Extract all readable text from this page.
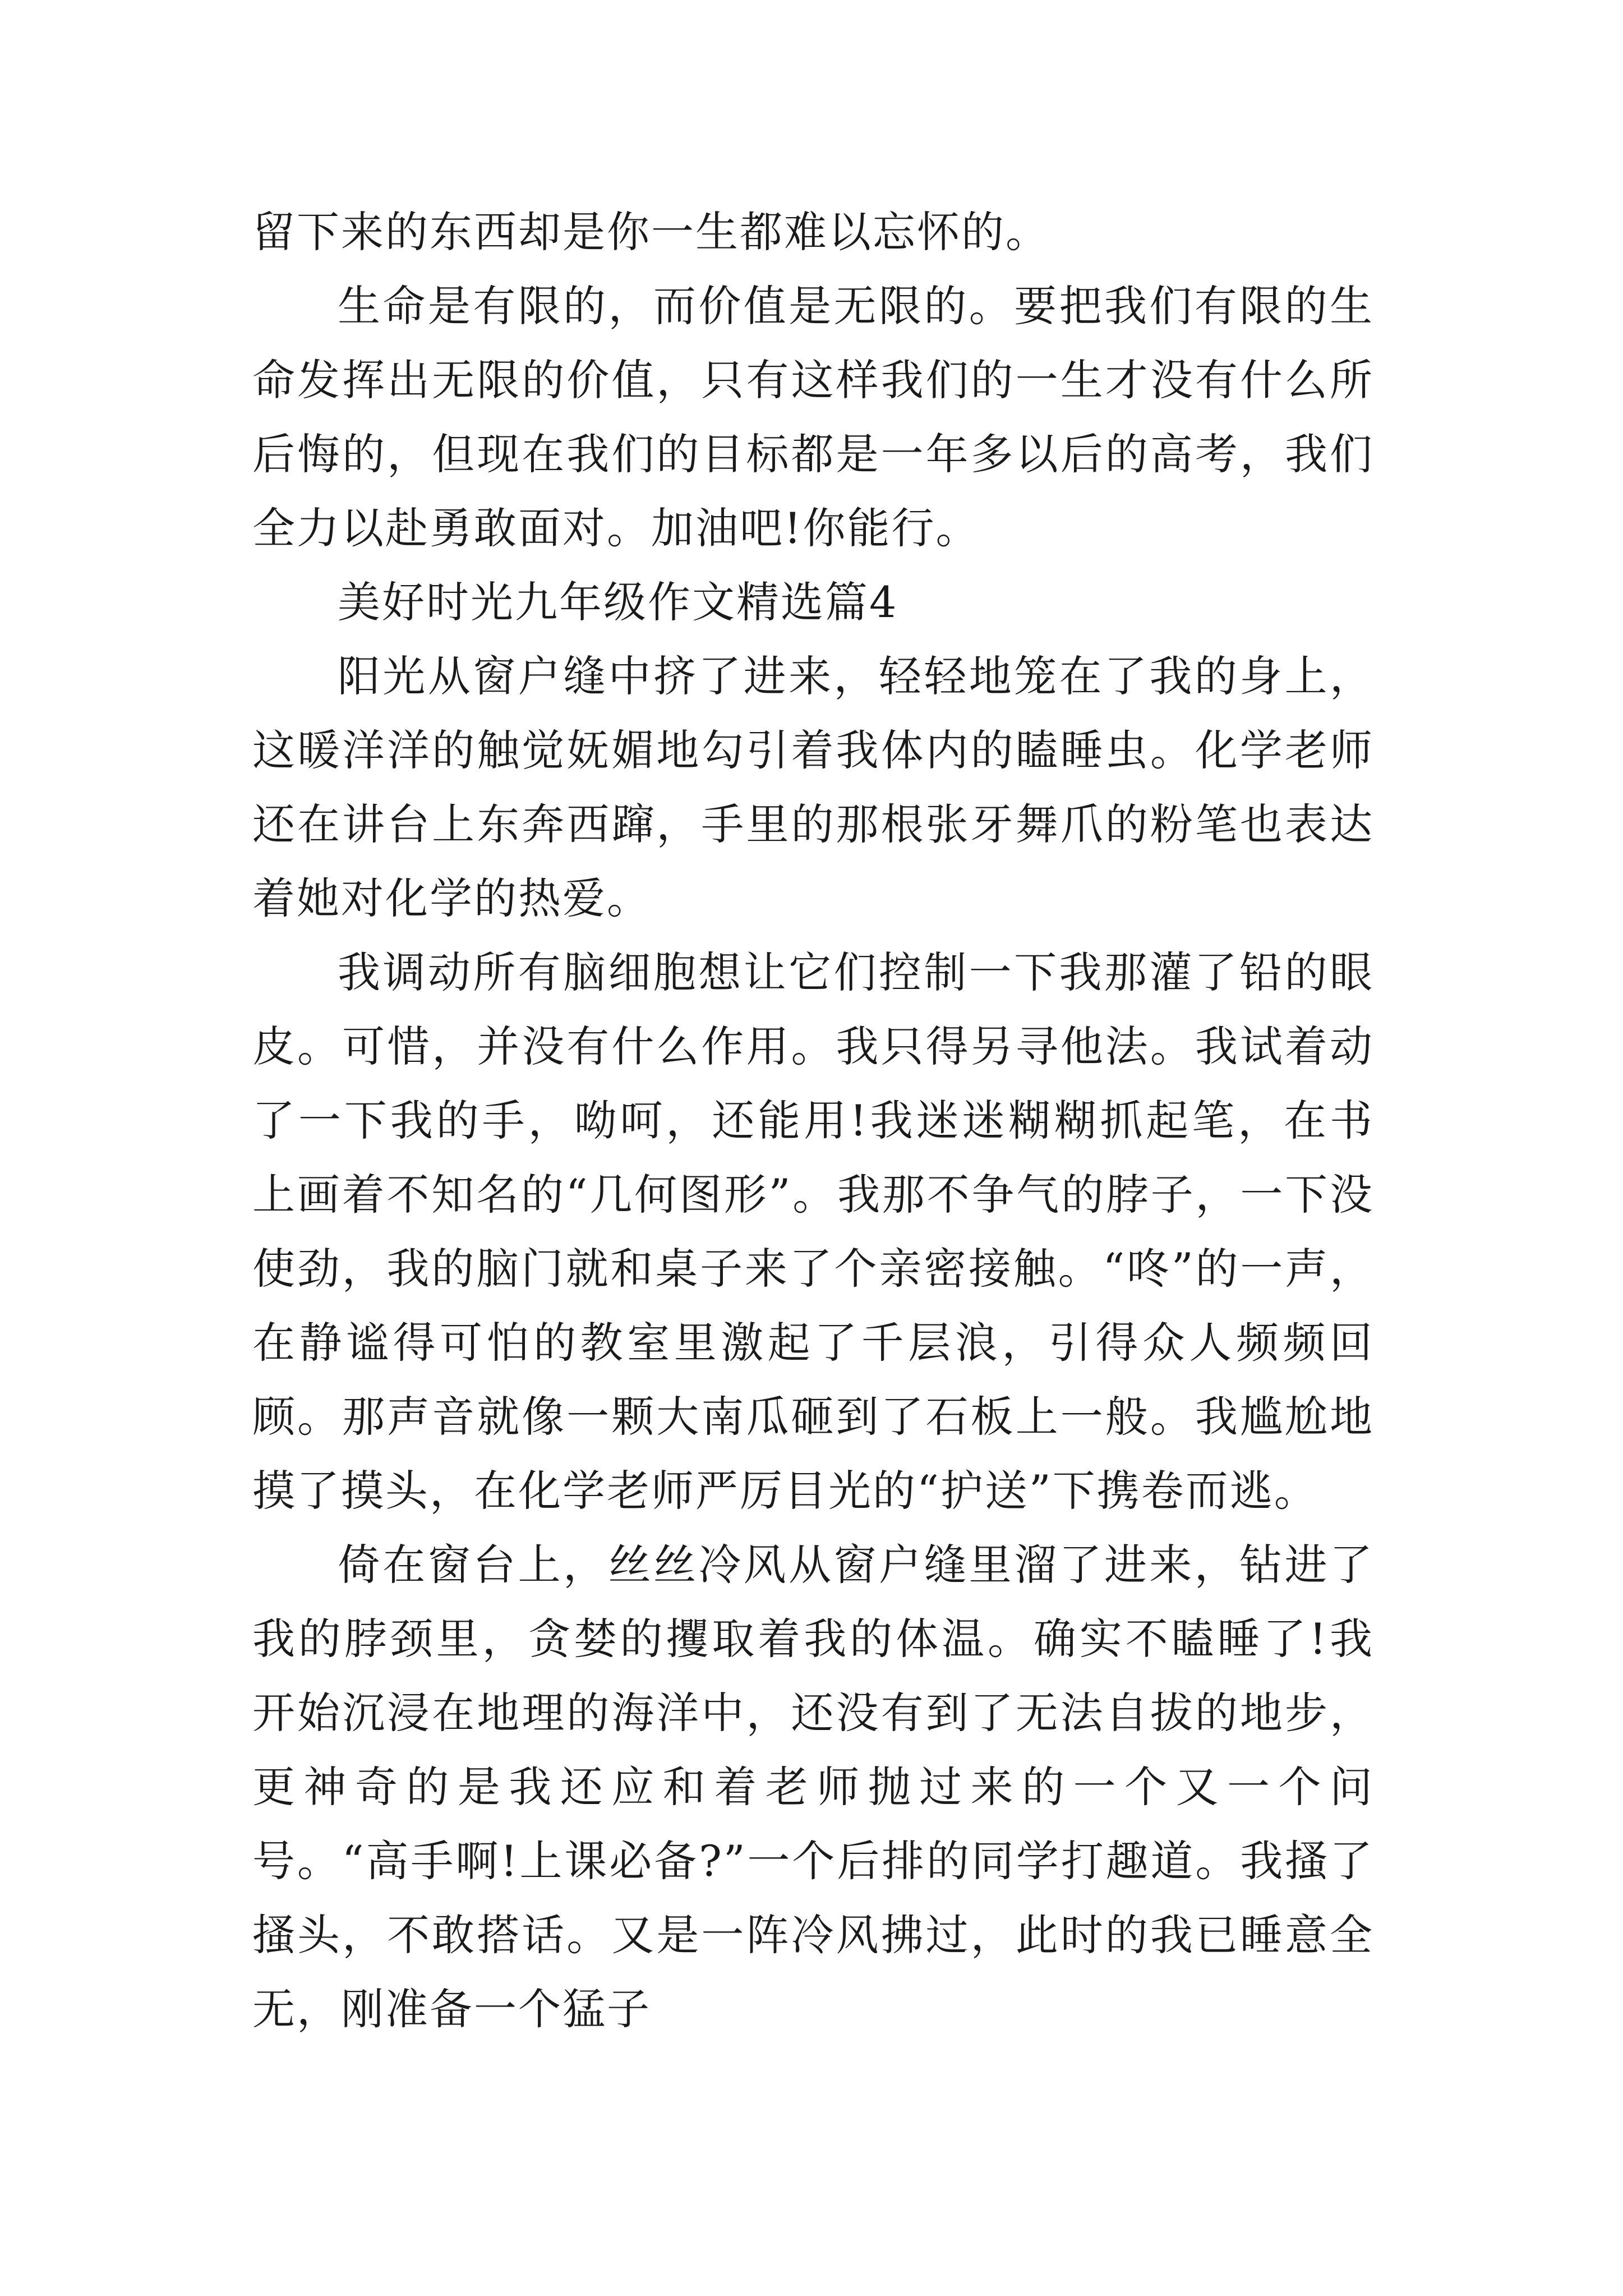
留下来的东西却是你一生都难以忘怀的。

生命是有限的，而价值是无限的。要把我们有限的生命发挥出无限的价值，只有这样我们的一生才没有什么所后悔的，但现在我们的目标都是一年多以后的高考，我们全力以赴勇敢面对。加油吧!你能行。

美好时光九年级作文精选篇4

阳光从窗户缝中挤了进来，轻轻地笼在了我的身上，这暖洋洋的触觉妩媚地勾引着我体内的瞌睡虫。化学老师还在讲台上东奔西蹿，手里的那根张牙舞爪的粉笔也表达着她对化学的热爱。

我调动所有脑细胞想让它们控制一下我那灌了铅的眼皮。可惜，并没有什么作用。我只得另寻他法。我试着动了一下我的手，呦呵，还能用!我迷迷糊糊抓起笔，在书上画着不知名的“几何图形”。我那不争气的脖子，一下没使劲，我的脑门就和桌子来了个亲密接触。“咚”的一声，在静谧得可怕的教室里激起了千层浪，引得众人频频回顾。那声音就像一颗大南瓜砸到了石板上一般。我尴尬地摸了摸头，在化学老师严厉目光的“护送”下携卷而逃。

倚在窗台上，丝丝冷风从窗户缝里溜了进来，钻进了我的脖颈里，贪婪的攫取着我的体温。确实不瞌睡了!我开始沉浸在地理的海洋中，还没有到了无法自拔的地步，更神奇的是我还应和着老师抛过来的一个又一个问号。“高手啊!上课必备?”一个后排的同学打趣道。我搔了搔头，不敢搭话。又是一阵冷风拂过，此时的我已睡意全无，刚准备一个猛子
